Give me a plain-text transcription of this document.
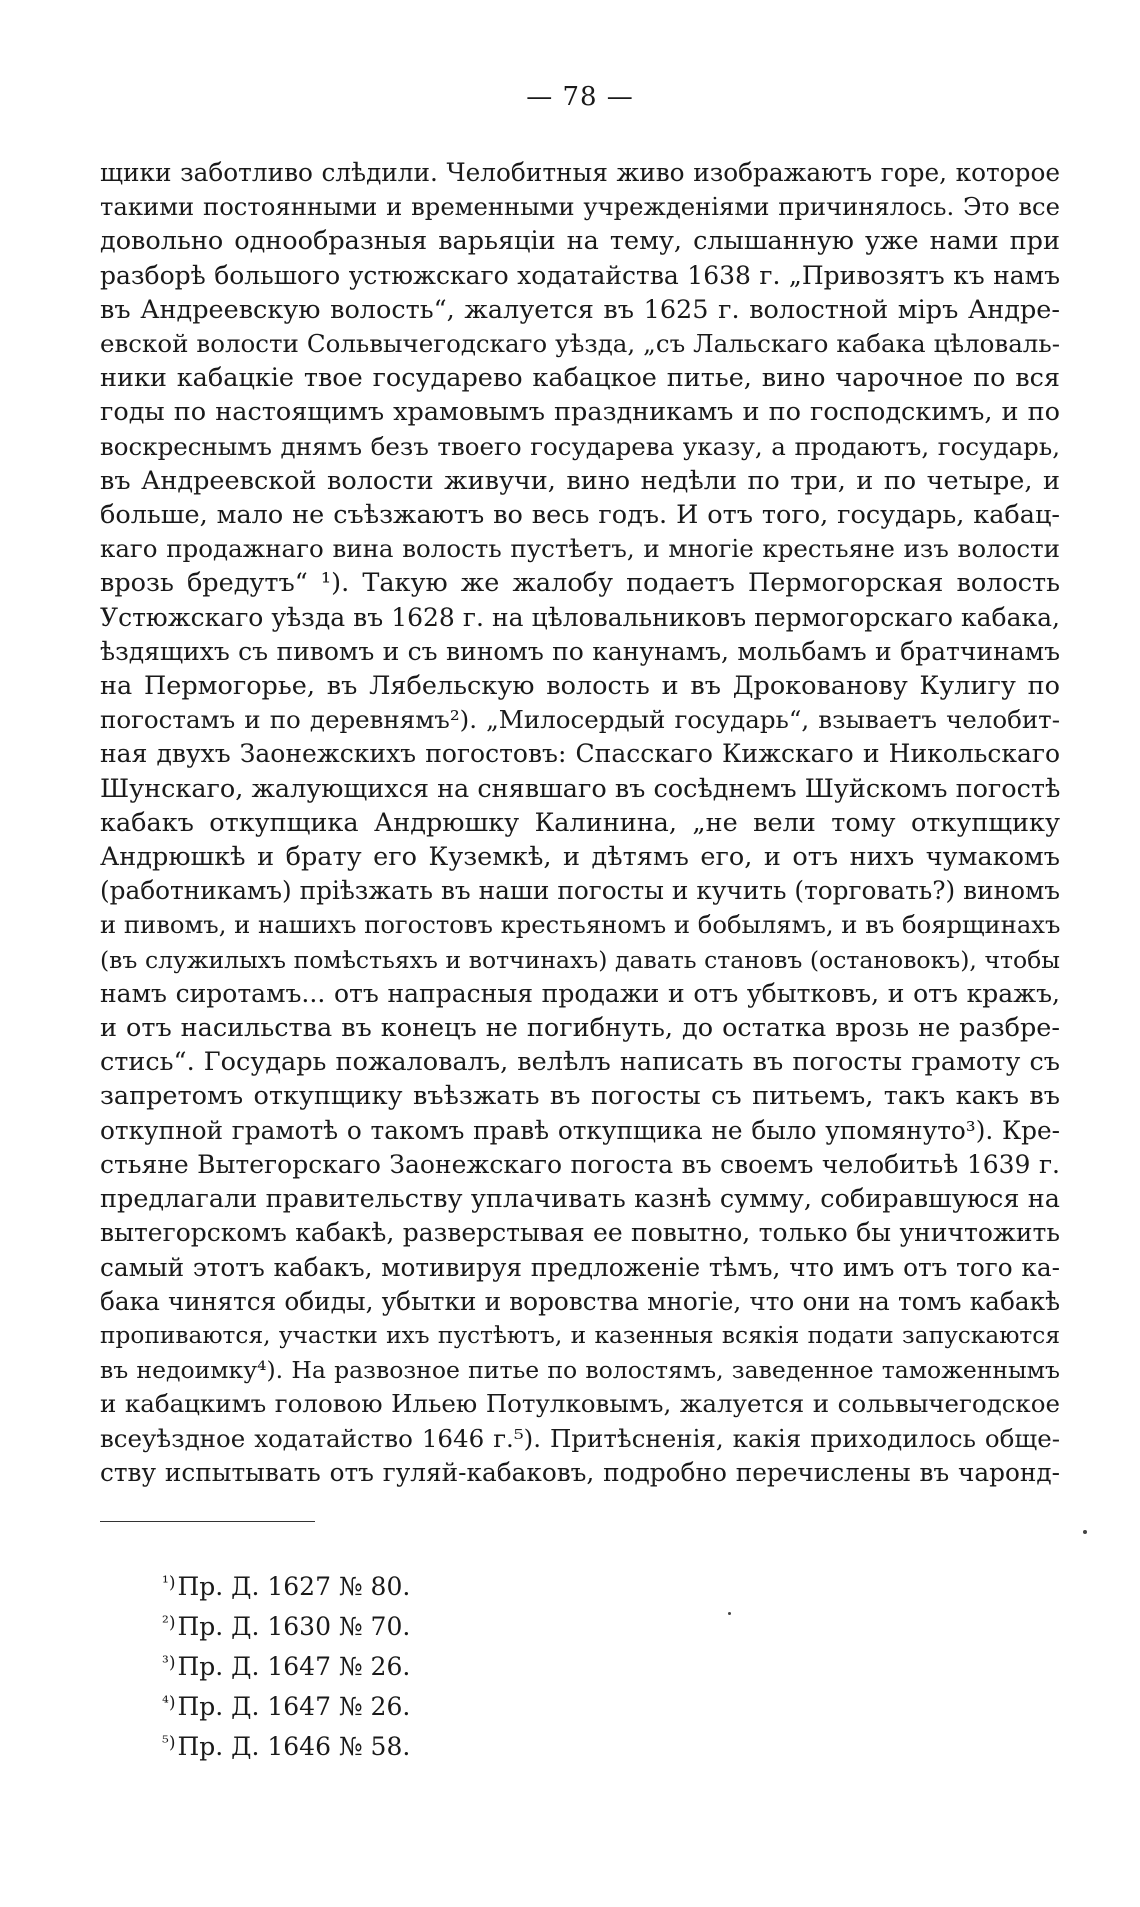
— 78 —
щики заботливо слѣдили. Челобитныя живо изображаютъ горе, которое
такими постоянными и временными учрежденіями причинялось. Это все
довольно однообразныя варьяціи на тему, слышанную уже нами при
разборѣ большого устюжскаго ходатайства 1638 г. „Привозятъ къ намъ
въ Андреевскую волость“, жалуется въ 1625 г. волостной міръ Андре-
евской волости Сольвычегодскаго уѣзда, „съ Лальскаго кабака цѣловаль-
ники кабацкіе твое государево кабацкое питье, вино чарочное по вся
годы по настоящимъ храмовымъ праздникамъ и по господскимъ, и по
воскреснымъ днямъ безъ твоего государева указу, а продаютъ, государь,
въ Андреевской волости живучи, вино недѣли по три, и по четыре, и
больше, мало не съѣзжаютъ во весь годъ. И отъ того, государь, кабац-
каго продажнаго вина волость пустѣетъ, и многіе крестьяне изъ волости
врозь бредутъ“ ¹). Такую же жалобу подаетъ Пермогорская волость
Устюжскаго уѣзда въ 1628 г. на цѣловальниковъ пермогорскаго кабака,
ѣздящихъ съ пивомъ и съ виномъ по канунамъ, мольбамъ и братчинамъ
на Пермогорье, въ Лябельскую волость и въ Дрокованову Кулигу по
погостамъ и по деревнямъ²). „Милосердый государь“, взываетъ челобит-
ная двухъ Заонежскихъ погостовъ: Спасскаго Кижскаго и Никольскаго
Шунскаго, жалующихся на снявшаго въ сосѣднемъ Шуйскомъ погостѣ
кабакъ откупщика Андрюшку Калинина, „не вели тому откупщику
Андрюшкѣ и брату его Куземкѣ, и дѣтямъ его, и отъ нихъ чумакомъ
(работникамъ) пріѣзжать въ наши погосты и кучить (торговать?) виномъ
и пивомъ, и нашихъ погостовъ крестьяномъ и бобылямъ, и въ боярщинахъ
(въ служилыхъ помѣстьяхъ и вотчинахъ) давать становъ (остановокъ), чтобы
намъ сиротамъ... отъ напрасныя продажи и отъ убытковъ, и отъ кражъ,
и отъ насильства въ конецъ не погибнуть, до остатка врозь не разбре-
стись“. Государь пожаловалъ, велѣлъ написать въ погосты грамоту съ
запретомъ откупщику въѣзжать въ погосты съ питьемъ, такъ какъ въ
откупной грамотѣ о такомъ правѣ откупщика не было упомянуто³). Кре-
стьяне Вытегорскаго Заонежскаго погоста въ своемъ челобитьѣ 1639 г.
предлагали правительству уплачивать казнѣ сумму, собиравшуюся на
вытегорскомъ кабакѣ, разверстывая ее повытно, только бы уничтожить
самый этотъ кабакъ, мотивируя предложеніе тѣмъ, что имъ отъ того ка-
бака чинятся обиды, убытки и воровства многіе, что они на томъ кабакѣ
пропиваются, участки ихъ пустѣютъ, и казенныя всякія подати запускаются
въ недоимку⁴). На развозное питье по волостямъ, заведенное таможеннымъ
и кабацкимъ головою Ильею Потулковымъ, жалуется и сольвычегодское
всеуѣздное ходатайство 1646 г.⁵). Притѣсненія, какія приходилось обще-
ству испытывать отъ гуляй-кабаковъ, подробно перечислены въ чаронд-
$^{^1)}$Пр. Д. 1627 № 80.
$^{^2)}$Пр. Д. 1630 № 70.
$^{^3)}$Пр. Д. 1647 № 26.
$^{^4)}$Пр. Д. 1647 № 26.
$^{^5)}$Пр. Д. 1646 № 58.
